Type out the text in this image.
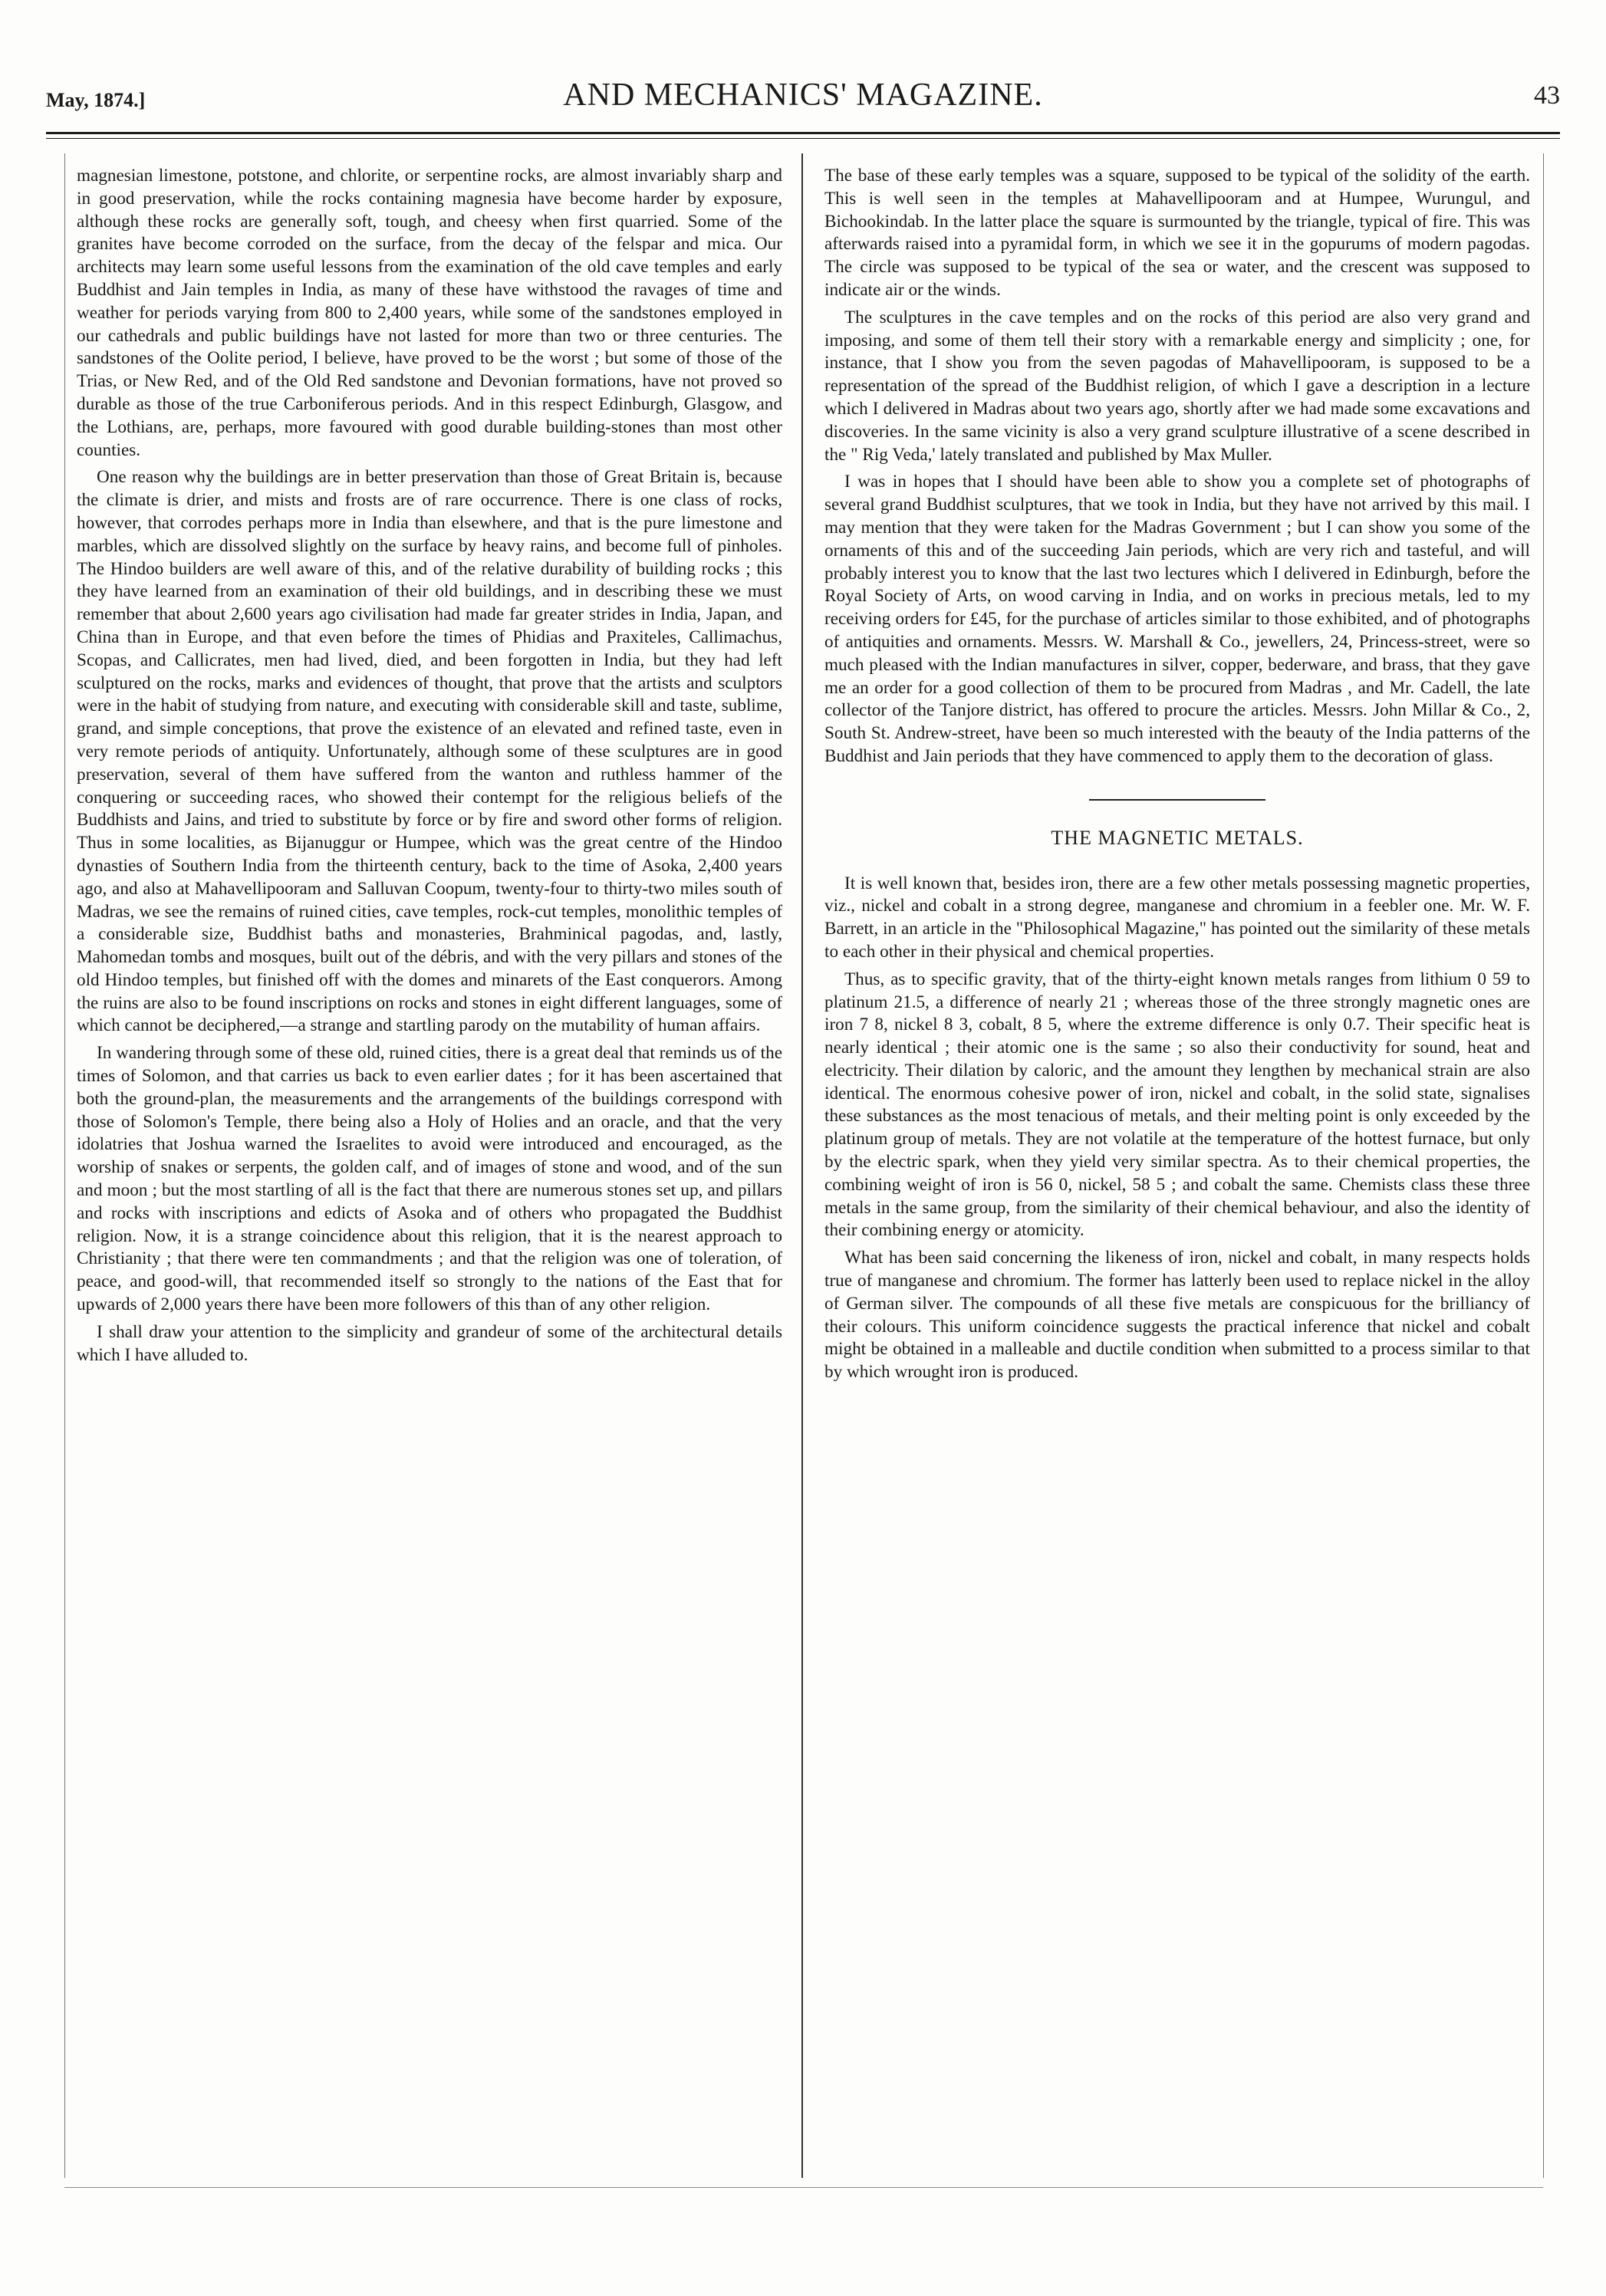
May, 1874.]	AND MECHANICS' MAGAZINE.	43

magnesian limestone, potstone, and chlorite, or serpentine rocks, are almost invariably sharp and in good preservation, while the rocks containing magnesia have become harder by exposure, although these rocks are generally soft, tough, and cheesy when first quarried. Some of the granites have become corroded on the surface, from the decay of the felspar and mica. Our architects may learn some useful lessons from the examination of the old cave temples and early Buddhist and Jain temples in India, as many of these have withstood the ravages of time and weather for periods varying from 800 to 2,400 years, while some of the sandstones employed in our cathedrals and public buildings have not lasted for more than two or three centuries. The sandstones of the Oolite period, I believe, have proved to be the worst ; but some of those of the Trias, or New Red, and of the Old Red sandstone and Devonian formations, have not proved so durable as those of the true Carboniferous periods. And in this respect Edinburgh, Glasgow, and the Lothians, are, perhaps, more favoured with good durable building-stones than most other counties.

One reason why the buildings are in better preservation than those of Great Britain is, because the climate is drier, and mists and frosts are of rare occurrence. There is one class of rocks, however, that corrodes perhaps more in India than elsewhere, and that is the pure limestone and marbles, which are dissolved slightly on the surface by heavy rains, and become full of pinholes. The Hindoo builders are well aware of this, and of the relative durability of building rocks ; this they have learned from an examination of their old buildings, and in describing these we must remember that about 2,600 years ago civilisation had made far greater strides in India, Japan, and China than in Europe, and that even before the times of Phidias and Praxiteles, Callimachus, Scopas, and Callicrates, men had lived, died, and been forgotten in India, but they had left sculptured on the rocks, marks and evidences of thought, that prove that the artists and sculptors were in the habit of studying from nature, and executing with considerable skill and taste, sublime, grand, and simple conceptions, that prove the existence of an elevated and refined taste, even in very remote periods of antiquity. Unfortunately, although some of these sculptures are in good preservation, several of them have suffered from the wanton and ruthless hammer of the conquering or succeeding races, who showed their contempt for the religious beliefs of the Buddhists and Jains, and tried to substitute by force or by fire and sword other forms of religion. Thus in some localities, as Bijanuggur or Humpee, which was the great centre of the Hindoo dynasties of Southern India from the thirteenth century, back to the time of Asoka, 2,400 years ago, and also at Mahavellipooram and Salluvan Coopum, twenty-four to thirty-two miles south of Madras, we see the remains of ruined cities, cave temples, rock-cut temples, monolithic temples of a considerable size, Buddhist baths and monasteries, Brahminical pagodas, and, lastly, Mahomedan tombs and mosques, built out of the débris, and with the very pillars and stones of the old Hindoo temples, but finished off with the domes and minarets of the East conquerors. Among the ruins are also to be found inscriptions on rocks and stones in eight different languages, some of which cannot be deciphered,—a strange and startling parody on the mutability of human affairs.

In wandering through some of these old, ruined cities, there is a great deal that reminds us of the times of Solomon, and that carries us back to even earlier dates ; for it has been ascertained that both the ground-plan, the measurements and the arrangements of the buildings correspond with those of Solomon's Temple, there being also a Holy of Holies and an oracle, and that the very idolatries that Joshua warned the Israelites to avoid were introduced and encouraged, as the worship of snakes or serpents, the golden calf, and of images of stone and wood, and of the sun and moon ; but the most startling of all is the fact that there are numerous stones set up, and pillars and rocks with inscriptions and edicts of Asoka and of others who propagated the Buddhist religion. Now, it is a strange coincidence about this religion, that it is the nearest approach to Christianity ; that there were ten commandments ; and that the religion was one of toleration, of peace, and good-will, that recommended itself so strongly to the nations of the East that for upwards of 2,000 years there have been more followers of this than of any other religion.

I shall draw your attention to the simplicity and grandeur of some of the architectural details which I have alluded to.

The base of these early temples was a square, supposed to be typical of the solidity of the earth. This is well seen in the temples at Mahavellipooram and at Humpee, Wurungul, and Bichookindab. In the latter place the square is surmounted by the triangle, typical of fire. This was afterwards raised into a pyramidal form, in which we see it in the gopurums of modern pagodas. The circle was supposed to be typical of the sea or water, and the crescent was supposed to indicate air or the winds.

The sculptures in the cave temples and on the rocks of this period are also very grand and imposing, and some of them tell their story with a remarkable energy and simplicity ; one, for instance, that I show you from the seven pagodas of Mahavellipooram, is supposed to be a representation of the spread of the Buddhist religion, of which I gave a description in a lecture which I delivered in Madras about two years ago, shortly after we had made some excavations and discoveries. In the same vicinity is also a very grand sculpture illustrative of a scene described in the " Rig Veda,' lately translated and published by Max Muller.

I was in hopes that I should have been able to show you a complete set of photographs of several grand Buddhist sculptures, that we took in India, but they have not arrived by this mail. I may mention that they were taken for the Madras Government ; but I can show you some of the ornaments of this and of the succeeding Jain periods, which are very rich and tasteful, and will probably interest you to know that the last two lectures which I delivered in Edinburgh, before the Royal Society of Arts, on wood carving in India, and on works in precious metals, led to my receiving orders for £45, for the purchase of articles similar to those exhibited, and of photographs of antiquities and ornaments. Messrs. W. Marshall & Co., jewellers, 24, Princess-street, were so much pleased with the Indian manufactures in silver, copper, bederware, and brass, that they gave me an order for a good collection of them to be procured from Madras , and Mr. Cadell, the late collector of the Tanjore district, has offered to procure the articles. Messrs. John Millar & Co., 2, South St. Andrew-street, have been so much interested with the beauty of the India patterns of the Buddhist and Jain periods that they have commenced to apply them to the decoration of glass.

THE MAGNETIC METALS.

It is well known that, besides iron, there are a few other metals possessing magnetic properties, viz., nickel and cobalt in a strong degree, manganese and chromium in a feebler one. Mr. W. F. Barrett, in an article in the "Philosophical Magazine," has pointed out the similarity of these metals to each other in their physical and chemical properties.

Thus, as to specific gravity, that of the thirty-eight known metals ranges from lithium 0 59 to platinum 21.5, a difference of nearly 21 ; whereas those of the three strongly magnetic ones are iron 7 8, nickel 8 3, cobalt, 8 5, where the extreme difference is only 0.7. Their specific heat is nearly identical ; their atomic one is the same ; so also their conductivity for sound, heat and electricity. Their dilation by caloric, and the amount they lengthen by mechanical strain are also identical. The enormous cohesive power of iron, nickel and cobalt, in the solid state, signalises these substances as the most tenacious of metals, and their melting point is only exceeded by the platinum group of metals. They are not volatile at the temperature of the hottest furnace, but only by the electric spark, when they yield very similar spectra. As to their chemical properties, the combining weight of iron is 56 0, nickel, 58 5 ; and cobalt the same. Chemists class these three metals in the same group, from the similarity of their chemical behaviour, and also the identity of their combining energy or atomicity.

What has been said concerning the likeness of iron, nickel and cobalt, in many respects holds true of manganese and chromium. The former has latterly been used to replace nickel in the alloy of German silver. The compounds of all these five metals are conspicuous for the brilliancy of their colours. This uniform coincidence suggests the practical inference that nickel and cobalt might be obtained in a malleable and ductile condition when submitted to a process similar to that by which wrought iron is produced.
